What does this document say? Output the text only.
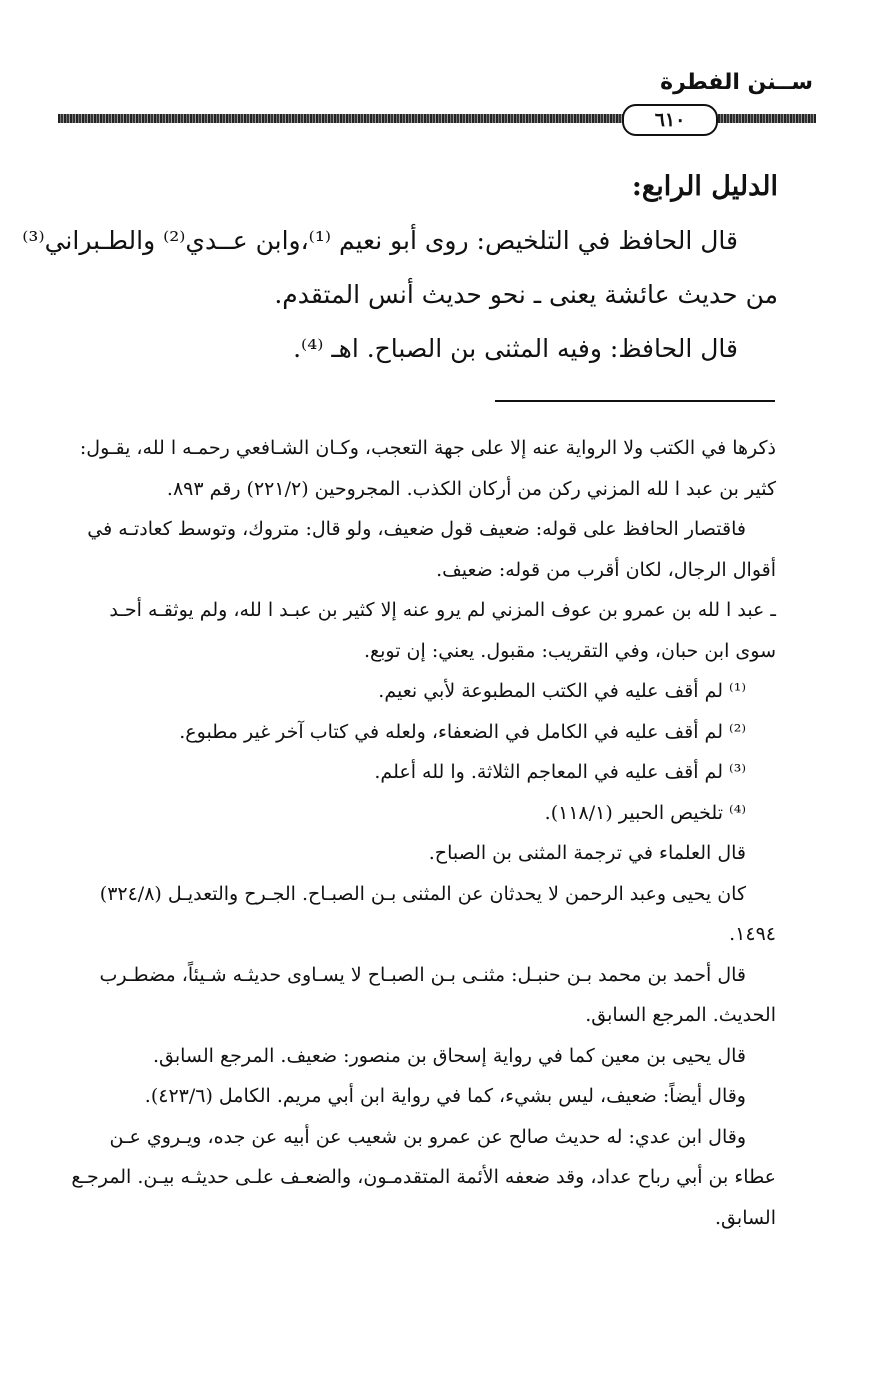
ســنن الفطرة
٦١٠
الدليل الرابع:
قال الحافظ في التلخيص: روى أبو نعيم ⁽¹⁾،وابن عــدي⁽²⁾ والطـبراني⁽³⁾
من حديث عائشة يعنى ـ نحو حديث أنس المتقدم.
قال الحافظ: وفيه المثنى بن الصباح. اهـ ⁽⁴⁾.
ذكرها في الكتب ولا الرواية عنه إلا على جهة التعجب، وكـان الشـافعي رحمـه ا لله، يقـول:
كثير بن عبد ا لله المزني ركن من أركان الكذب. المجروحين (٢٢١/٢) رقم ٨٩٣.
فاقتصار الحافظ على قوله: ضعيف قول ضعيف، ولو قال: متروك، وتوسط كعادتـه في
أقوال الرجال، لكان أقرب من قوله: ضعيف.
ـ عبد ا لله بن عمرو بن عوف المزني لم يرو عنه إلا كثير بن عبـد ا لله، ولم يوثقـه أحـد
سوى ابن حبان، وفي التقريب: مقبول. يعني: إن توبع.
⁽¹⁾ لم أقف عليه في الكتب المطبوعة لأبي نعيم.
⁽²⁾ لم أقف عليه في الكامل في الضعفاء، ولعله في كتاب آخر غير مطبوع.
⁽³⁾ لم أقف عليه في المعاجم الثلاثة. وا لله أعلم.
⁽⁴⁾ تلخيص الحبير (١١٨/١).
قال العلماء في ترجمة المثنى بن الصباح.
كان يحيى وعبد الرحمن لا يحدثان عن المثنى بـن الصبـاح. الجـرح والتعديـل (٣٢٤/٨)
١٤٩٤.
قال أحمد بن محمد بـن حنبـل: مثنـى بـن الصبـاح لا يسـاوى حديثـه شـيئاً، مضطـرب
الحديث. المرجع السابق.
قال يحيى بن معين كما في رواية إسحاق بن منصور: ضعيف. المرجع السابق.
وقال أيضاً: ضعيف، ليس بشيء، كما في رواية ابن أبي مريم. الكامل (٤٢٣/٦).
وقال ابن عدي: له حديث صالح عن عمرو بن شعيب عن أبيه عن جده، ويـروي عـن
عطاء بن أبي رباح عداد، وقد ضعفه الأئمة المتقدمـون، والضعـف علـى حديثـه بيـن. المرجـع
السابق.
